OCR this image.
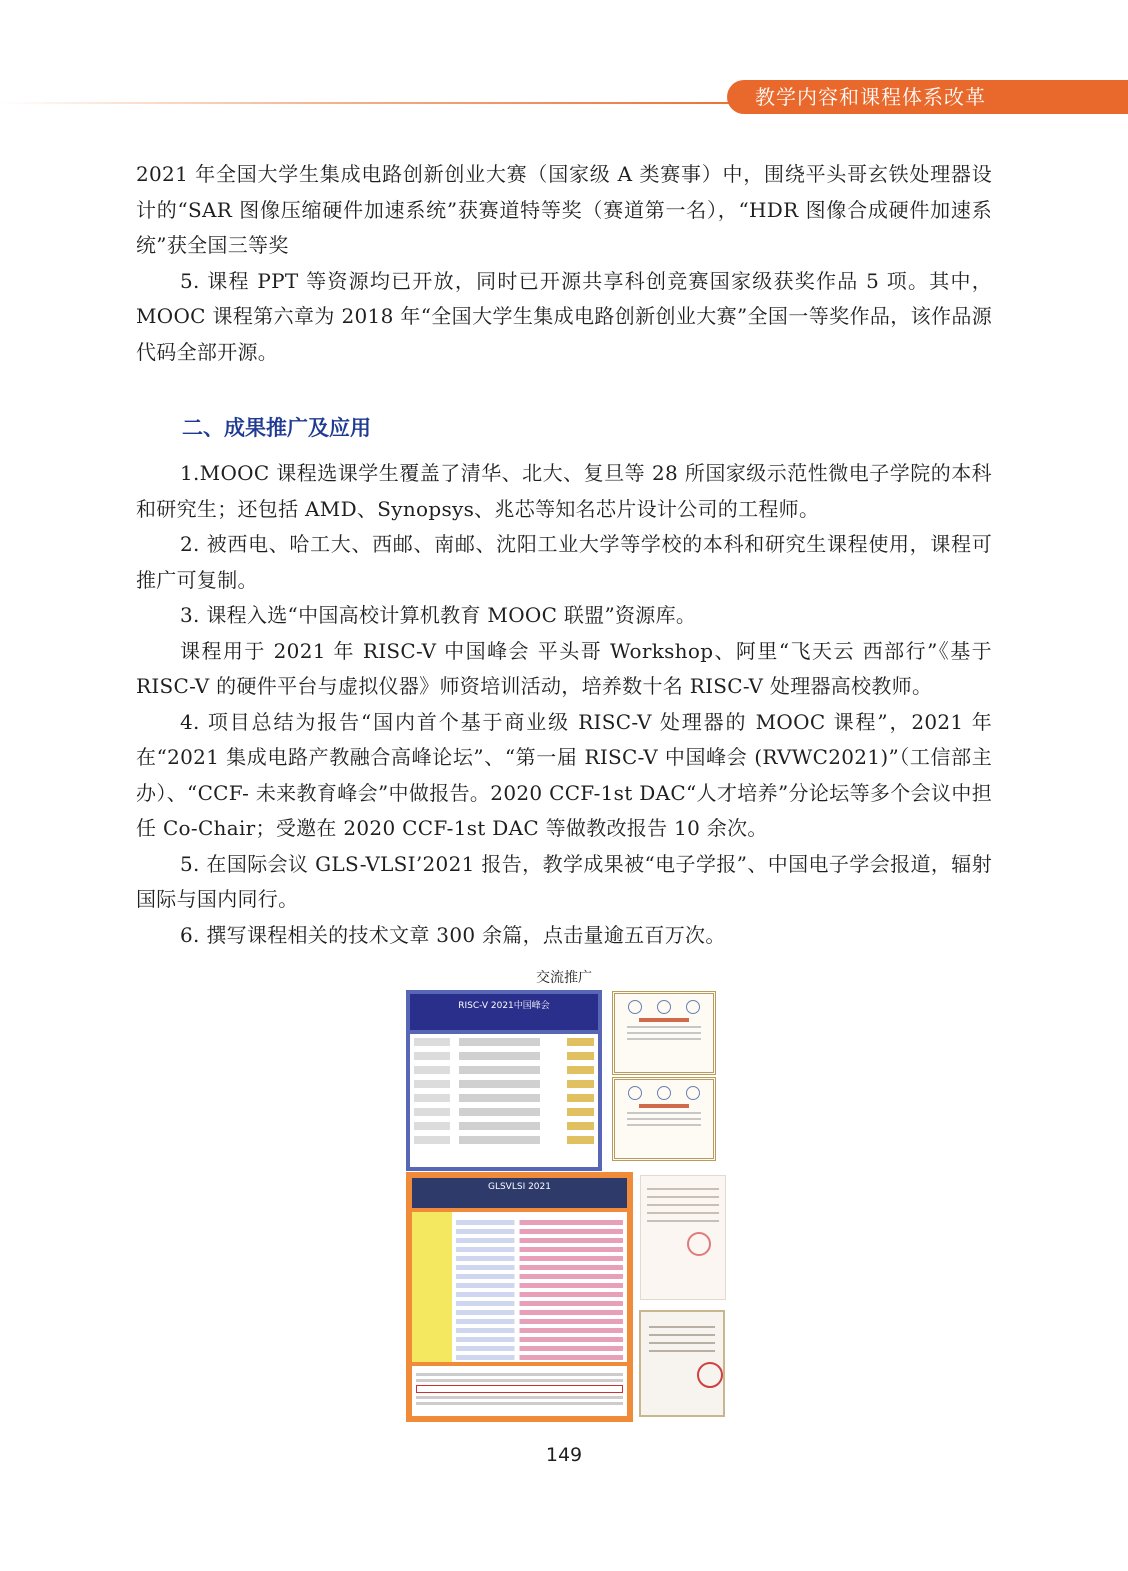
教学内容和课程体系改革

2021 年全国大学生集成电路创新创业大赛（国家级 A 类赛事）中，围绕平头哥玄铁处理器设计的“SAR 图像压缩硬件加速系统”获赛道特等奖（赛道第一名），“HDR 图像合成硬件加速系统”获全国三等奖

5. 课程 PPT 等资源均已开放，同时已开源共享科创竞赛国家级获奖作品 5 项。其中，MOOC 课程第六章为 2018 年“全国大学生集成电路创新创业大赛”全国一等奖作品，该作品源代码全部开源。

二、成果推广及应用

1.MOOC 课程选课学生覆盖了清华、北大、复旦等 28 所国家级示范性微电子学院的本科和研究生；还包括 AMD、Synopsys、兆芯等知名芯片设计公司的工程师。

2. 被西电、哈工大、西邮、南邮、沈阳工业大学等学校的本科和研究生课程使用，课程可推广可复制。

3. 课程入选“中国高校计算机教育 MOOC 联盟”资源库。

课程用于 2021 年 RISC-V 中国峰会 平头哥 Workshop、阿里“飞天云 西部行”《基于 RISC-V 的硬件平台与虚拟仪器》师资培训活动，培养数十名 RISC-V 处理器高校教师。

4. 项目总结为报告“国内首个基于商业级 RISC-V 处理器的 MOOC 课程”，2021 年在“2021 集成电路产教融合高峰论坛”、“第一届 RISC-V 中国峰会 (RVWC2021)”（工信部主办）、“CCF- 未来教育峰会”中做报告。2020 CCF-1st DAC“人才培养”分论坛等多个会议中担任 Co-Chair；受邀在 2020 CCF-1st DAC 等做教改报告 10 余次。

5. 在国际会议 GLS-VLSI’2021 报告，教学成果被“电子学报”、中国电子学会报道，辐射国际与国内同行。

6. 撰写课程相关的技术文章 300 余篇，点击量逾五百万次。

交流推广
RISC-V 2021中国峰会
GLSVLSI 2021
149
